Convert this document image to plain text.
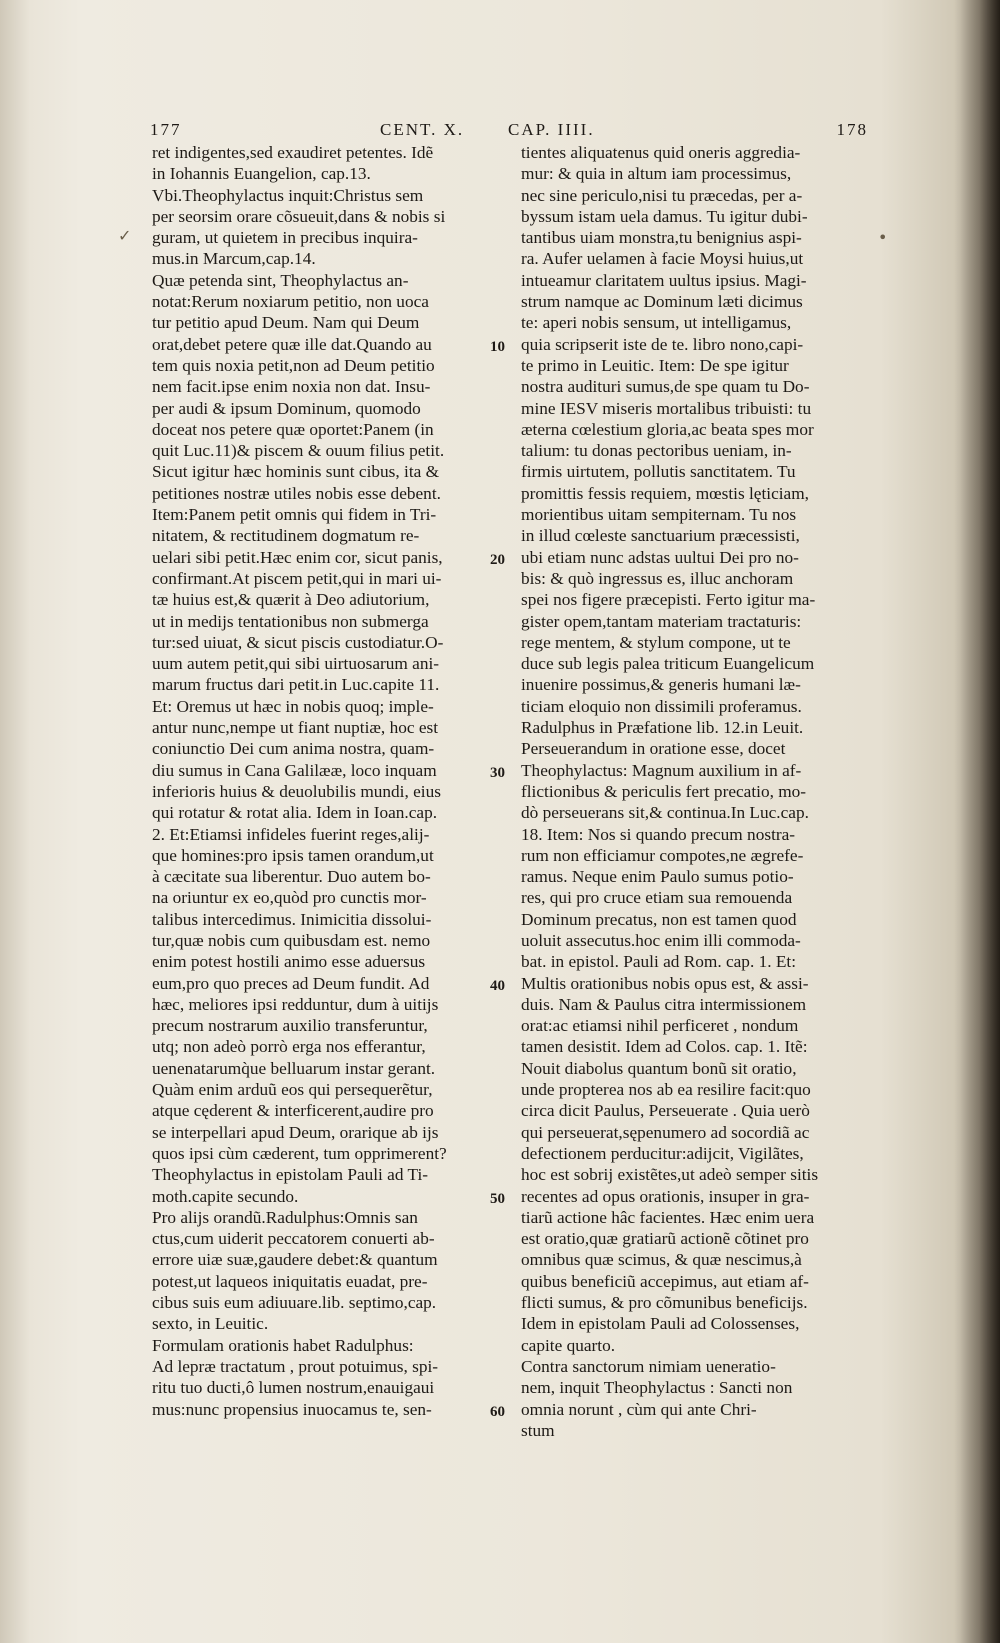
177	CENT. X.	CAP. IIII.	178
✓	•
10
20
30
40
50
60
ret indigentes,sed exaudiret petentes. Idẽ
in Iohannis Euangelion, cap.13.
Vbi.Theophylactus inquit:Christus sem
per seorsim orare cõsueuit,dans & nobis si
guram, ut quietem in precibus inquira-
mus.in Marcum,cap.14.
Quæ petenda sint, Theophylactus an-
notat:Rerum noxiarum petitio, non uoca
tur petitio apud Deum. Nam qui Deum
orat,debet petere quæ ille dat.Quando au
tem quis noxia petit,non ad Deum petitio
nem facit.ipse enim noxia non dat. Insu-
per audi & ipsum Dominum, quomodo
doceat nos petere quæ oportet:Panem (in
quit Luc.11)& piscem & ouum filius petit.
Sicut igitur hæc hominis sunt cibus, ita &
petitiones nostræ utiles nobis esse debent.
Item:Panem petit omnis qui fidem in Tri-
nitatem, & rectitudinem dogmatum re-
uelari sibi petit.Hæc enim cor, sicut panis,
confirmant.At piscem petit,qui in mari ui-
tæ huius est,& quærit à Deo adiutorium,
ut in medijs tentationibus non submerga
tur:sed uiuat, & sicut piscis custodiatur.O-
uum autem petit,qui sibi uirtuosarum ani-
marum fructus dari petit.in Luc.capite 11.
Et: Oremus ut hæc in nobis quoq; imple-
antur nunc,nempe ut fiant nuptiæ, hoc est
coniunctio Dei cum anima nostra, quam-
diu sumus in Cana Galilææ, loco inquam
inferioris huius & deuolubilis mundi, eius
qui rotatur & rotat alia. Idem in Ioan.cap.
2. Et:Etiamsi infideles fuerint reges,alij-
que homines:pro ipsis tamen orandum,ut
à cæcitate sua liberentur. Duo autem bo-
na oriuntur ex eo,quòd pro cunctis mor-
talibus intercedimus. Inimicitia dissolui-
tur,quæ nobis cum quibusdam est. nemo
enim potest hostili animo esse aduersus
eum,pro quo preces ad Deum fundit. Ad
hæc, meliores ipsi redduntur, dum à uitijs
precum nostrarum auxilio transferuntur,
utq; non adeò porrò erga nos efferantur,
uenenatarumq̀ue belluarum instar gerant.
Quàm enim arduũ eos qui persequerẽtur,
atque cęderent & interficerent,audire pro
se interpellari apud Deum, orarique ab ijs
quos ipsi cùm cæderent, tum opprimerent?
Theophylactus in epistolam Pauli ad Ti-
moth.capite secundo.
Pro alijs orandũ.Radulphus:Omnis san
ctus,cum uiderit peccatorem conuerti ab-
errore uiæ suæ,gaudere debet:& quantum
potest,ut laqueos iniquitatis euadat, pre-
cibus suis eum adiuuare.lib. septimo,cap.
sexto, in Leuitic.
Formulam orationis habet Radulphus:
Ad lepræ tractatum , prout potuimus, spi-
ritu tuo ducti,ô lumen nostrum,enauigaui
mus:nunc propensius inuocamus te, sen-
tientes aliquatenus quid oneris aggredia-
mur: & quia in altum iam processimus,
nec sine periculo,nisi tu præcedas, per a-
byssum istam uela damus. Tu igitur dubi-
tantibus uiam monstra,tu benignius aspi-
ra. Aufer uelamen à facie Moysi huius,ut
intueamur claritatem uultus ipsius. Magi-
strum namque ac Dominum læti dicimus
te: aperi nobis sensum, ut intelligamus,
quia scripserit iste de te. libro nono,capi-
te primo in Leuitic. Item: De spe igitur
nostra audituri sumus,de spe quam tu Do-
mine IESV miseris mortalibus tribuisti: tu
æterna cœlestium gloria,ac beata spes mor
talium: tu donas pectoribus ueniam, in-
firmis uirtutem, pollutis sanctitatem. Tu
promittis fessis requiem, mœstis lęticiam,
morientibus uitam sempiternam. Tu nos
in illud cœleste sanctuarium præcessisti,
ubi etiam nunc adstas uultui Dei pro no-
bis: & quò ingressus es, illuc anchoram
spei nos figere præcepisti. Ferto igitur ma-
gister opem,tantam materiam tractaturis:
rege mentem, & stylum compone, ut te
duce sub legis palea triticum Euangelicum
inuenire possimus,& generis humani læ-
ticiam eloquio non dissimili proferamus.
Radulphus in Præfatione lib. 12.in Leuit.
Perseuerandum in oratione esse, docet
Theophylactus: Magnum auxilium in af-
flictionibus & periculis fert precatio, mo-
dò perseuerans sit,& continua.In Luc.cap.
18. Item: Nos si quando precum nostra-
rum non efficiamur compotes,ne ægrefe-
ramus. Neque enim Paulo sumus potio-
res, qui pro cruce etiam sua remouenda
Dominum precatus, non est tamen quod
uoluit assecutus.hoc enim illi commoda-
bat. in epistol. Pauli ad Rom. cap. 1. Et:
Multis orationibus nobis opus est, & assi-
duis. Nam & Paulus citra intermissionem
orat:ac etiamsi nihil perficeret , nondum
tamen desistit. Idem ad Colos. cap. 1. Itẽ:
Nouit diabolus quantum bonũ sit oratio,
unde propterea nos ab ea resilire facit:quo
circa dicit Paulus, Perseuerate . Quia uerò
qui perseuerat,sępenumero ad socordiã ac
defectionem perducitur:adijcit, Vigilãtes,
hoc est sobrij existẽtes,ut adeò semper sitis
recentes ad opus orationis, insuper in gra-
tiarũ actione hâc facientes. Hæc enim uera
est oratio,quæ gratiarũ actionẽ cõtinet pro
omnibus quæ scimus, & quæ nescimus,à
quibus beneficiũ accepimus, aut etiam af-
flicti sumus, & pro cõmunibus beneficijs.
Idem in epistolam Pauli ad Colossenses,
capite quarto.
Contra sanctorum nimiam ueneratio-
nem, inquit Theophylactus : Sancti non
omnia norunt , cùm qui ante Chri-
stum
